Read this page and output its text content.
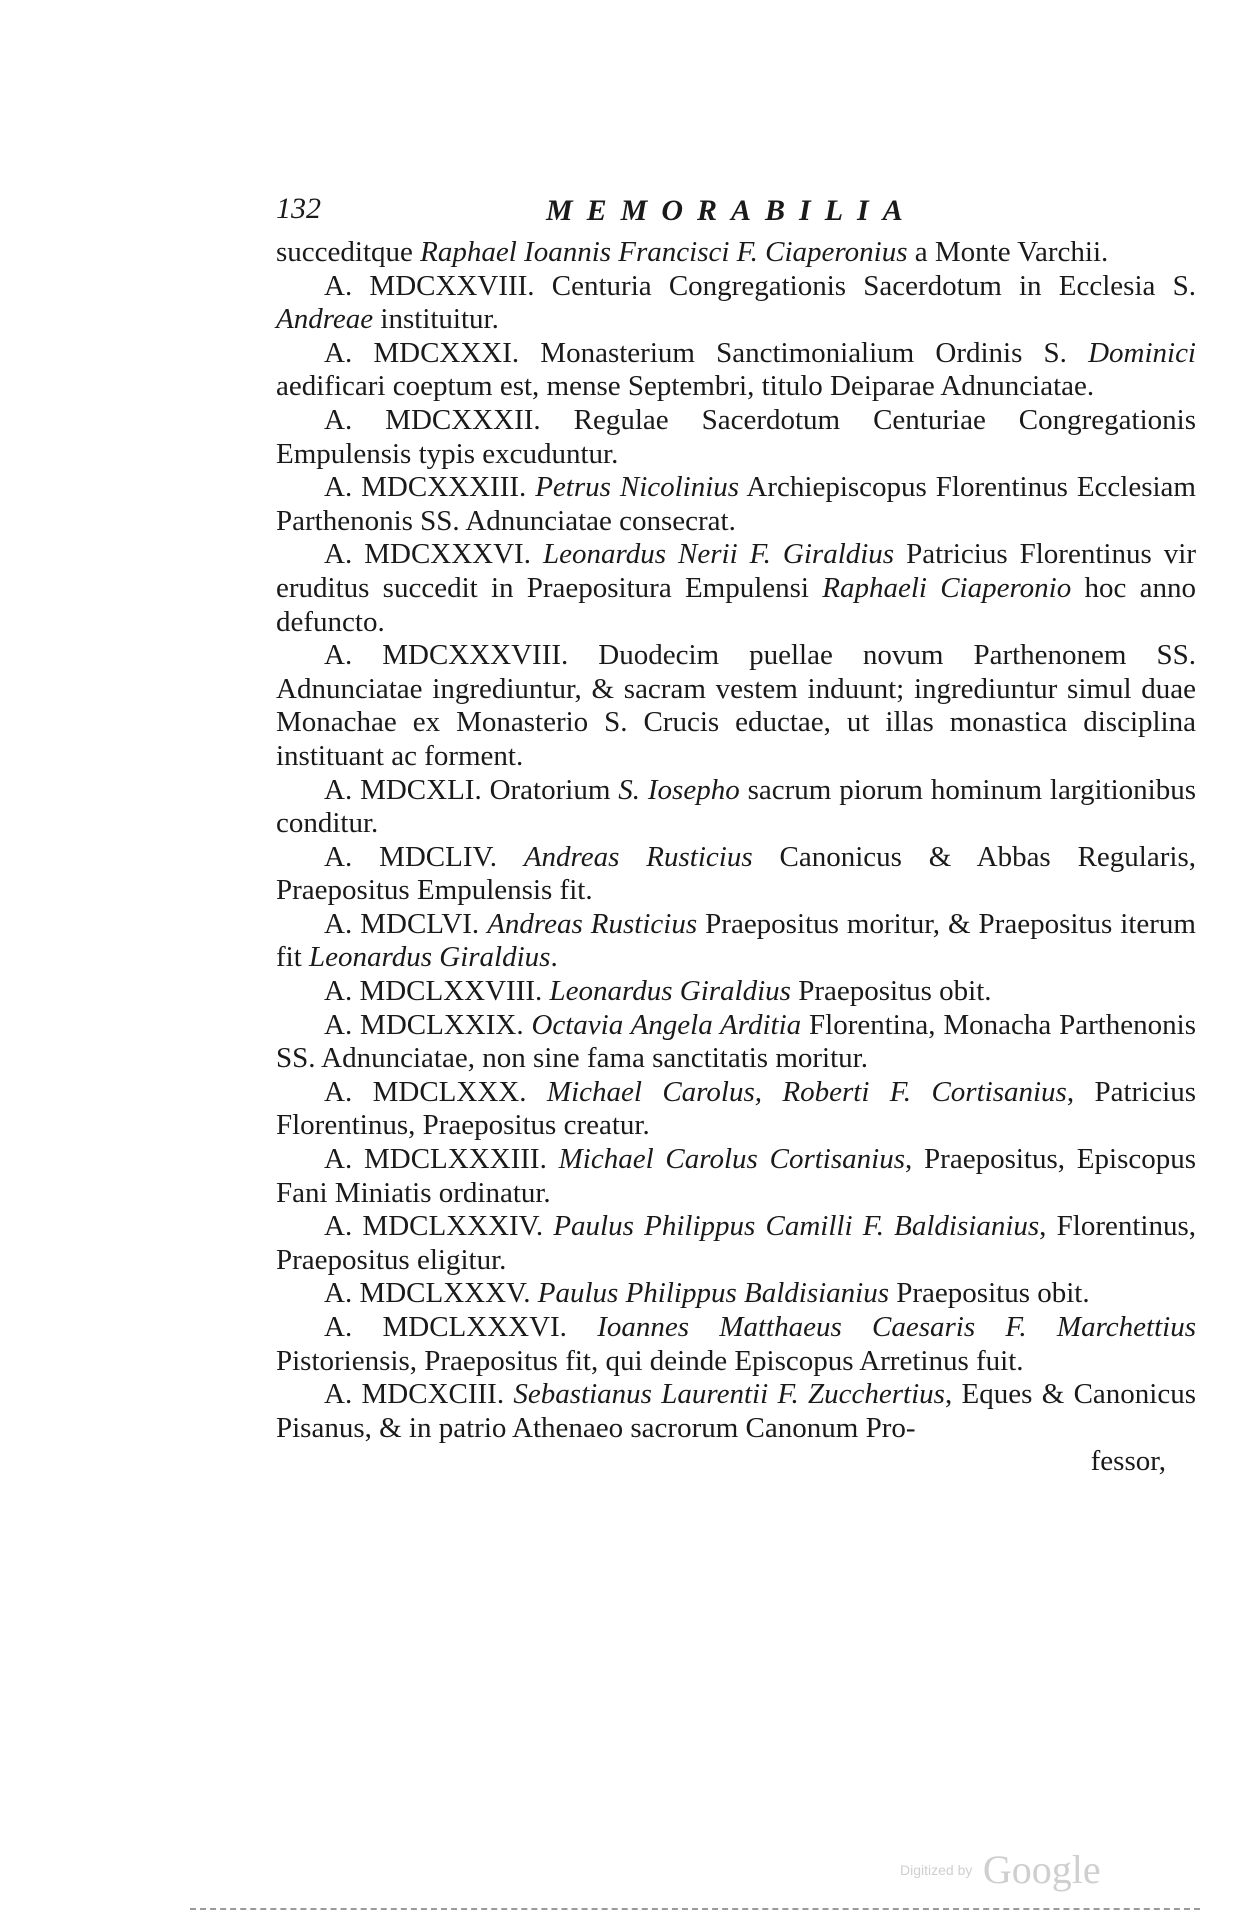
132	MEMORABILIA

succeditque Raphael Ioannis Francisci F. Ciaperonius a Monte Varchii.

A. MDCXXVIII. Centuria Congregationis Sacerdotum in Ecclesia S. Andreae instituitur.

A. MDCXXXI. Monasterium Sanctimonialium Ordinis S. Dominici aedificari coeptum est, mense Septembri, titulo Deiparae Adnunciatae.

A. MDCXXXII. Regulae Sacerdotum Centuriae Congregationis Empulensis typis excuduntur.

A. MDCXXXIII. Petrus Nicolinius Archiepiscopus Florentinus Ecclesiam Parthenonis SS. Adnunciatae consecrat.

A. MDCXXXVI. Leonardus Nerii F. Giraldius Patricius Florentinus vir eruditus succedit in Praepositura Empulensi Raphaeli Ciaperonio hoc anno defuncto.

A. MDCXXXVIII. Duodecim puellae novum Parthenonem SS. Adnunciatae ingrediuntur, & sacram vestem induunt; ingrediuntur simul duae Monachae ex Monasterio S. Crucis eductae, ut illas monastica disciplina instituant ac forment.

A. MDCXLI. Oratorium S. Iosepho sacrum piorum hominum largitionibus conditur.

A. MDCLIV. Andreas Rusticius Canonicus & Abbas Regularis, Praepositus Empulensis fit.

A. MDCLVI. Andreas Rusticius Praepositus moritur, & Praepositus iterum fit Leonardus Giraldius.

A. MDCLXXVIII. Leonardus Giraldius Praepositus obit.

A. MDCLXXIX. Octavia Angela Arditia Florentina, Monacha Parthenonis SS. Adnunciatae, non sine fama sanctitatis moritur.

A. MDCLXXX. Michael Carolus, Roberti F. Cortisanius, Patricius Florentinus, Praepositus creatur.

A. MDCLXXXIII. Michael Carolus Cortisanius, Praepositus, Episcopus Fani Miniatis ordinatur.

A. MDCLXXXIV. Paulus Philippus Camilli F. Baldisianius, Florentinus, Praepositus eligitur.

A. MDCLXXXV. Paulus Philippus Baldisianius Praepositus obit.

A. MDCLXXXVI. Ioannes Matthaeus Caesaris F. Marchettius Pistoriensis, Praepositus fit, qui deinde Episcopus Arretinus fuit.

A. MDCXCIII. Sebastianus Laurentii F. Zucchertius, Eques & Canonicus Pisanus, & in patrio Athenaeo sacrorum Canonum Pro-

fessor,

Digitized by Google
